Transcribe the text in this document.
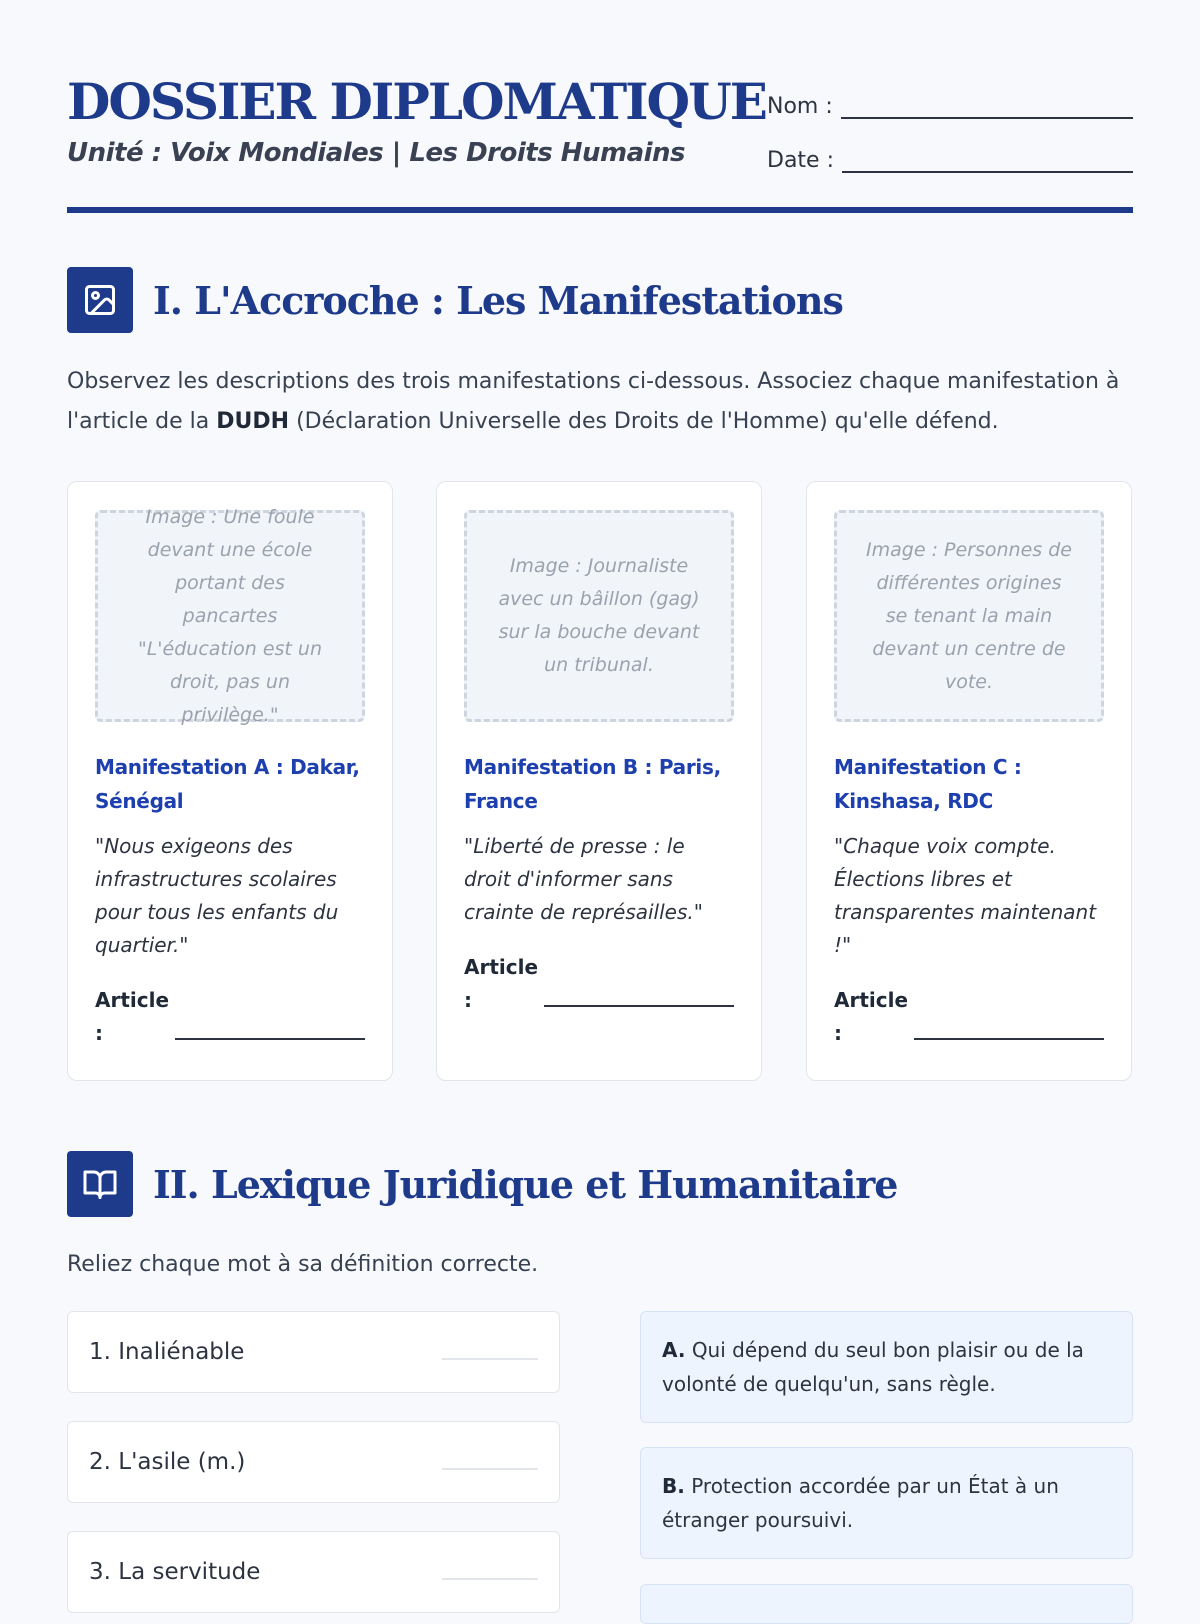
DOSSIER DIPLOMATIQUE
Unité : Voix Mondiales | Les Droits Humains
Nom :
Date :
I. L'Accroche : Les Manifestations
Observez les descriptions des trois manifestations ci-dessous. Associez chaque manifestation à l'article de la DUDH (Déclaration Universelle des Droits de l'Homme) qu'elle défend.
Image : Une foule devant une école portant des pancartes "L'éducation est un droit, pas un privilège."
Manifestation A : Dakar, Sénégal
"Nous exigeons des infrastructures scolaires pour tous les enfants du quartier."
Article :
Image : Journaliste avec un bâillon (gag) sur la bouche devant un tribunal.
Manifestation B : Paris, France
"Liberté de presse : le droit d'informer sans crainte de représailles."
Article :
Image : Personnes de différentes origines se tenant la main devant un centre de vote.
Manifestation C : Kinshasa, RDC
"Chaque voix compte. Élections libres et transparentes maintenant !"
Article :
II. Lexique Juridique et Humanitaire
Reliez chaque mot à sa définition correcte.
1. Inaliénable
2. L'asile (m.)
3. La servitude
A. Qui dépend du seul bon plaisir ou de la volonté de quelqu'un, sans règle.
B. Protection accordée par un État à un étranger poursuivi.
